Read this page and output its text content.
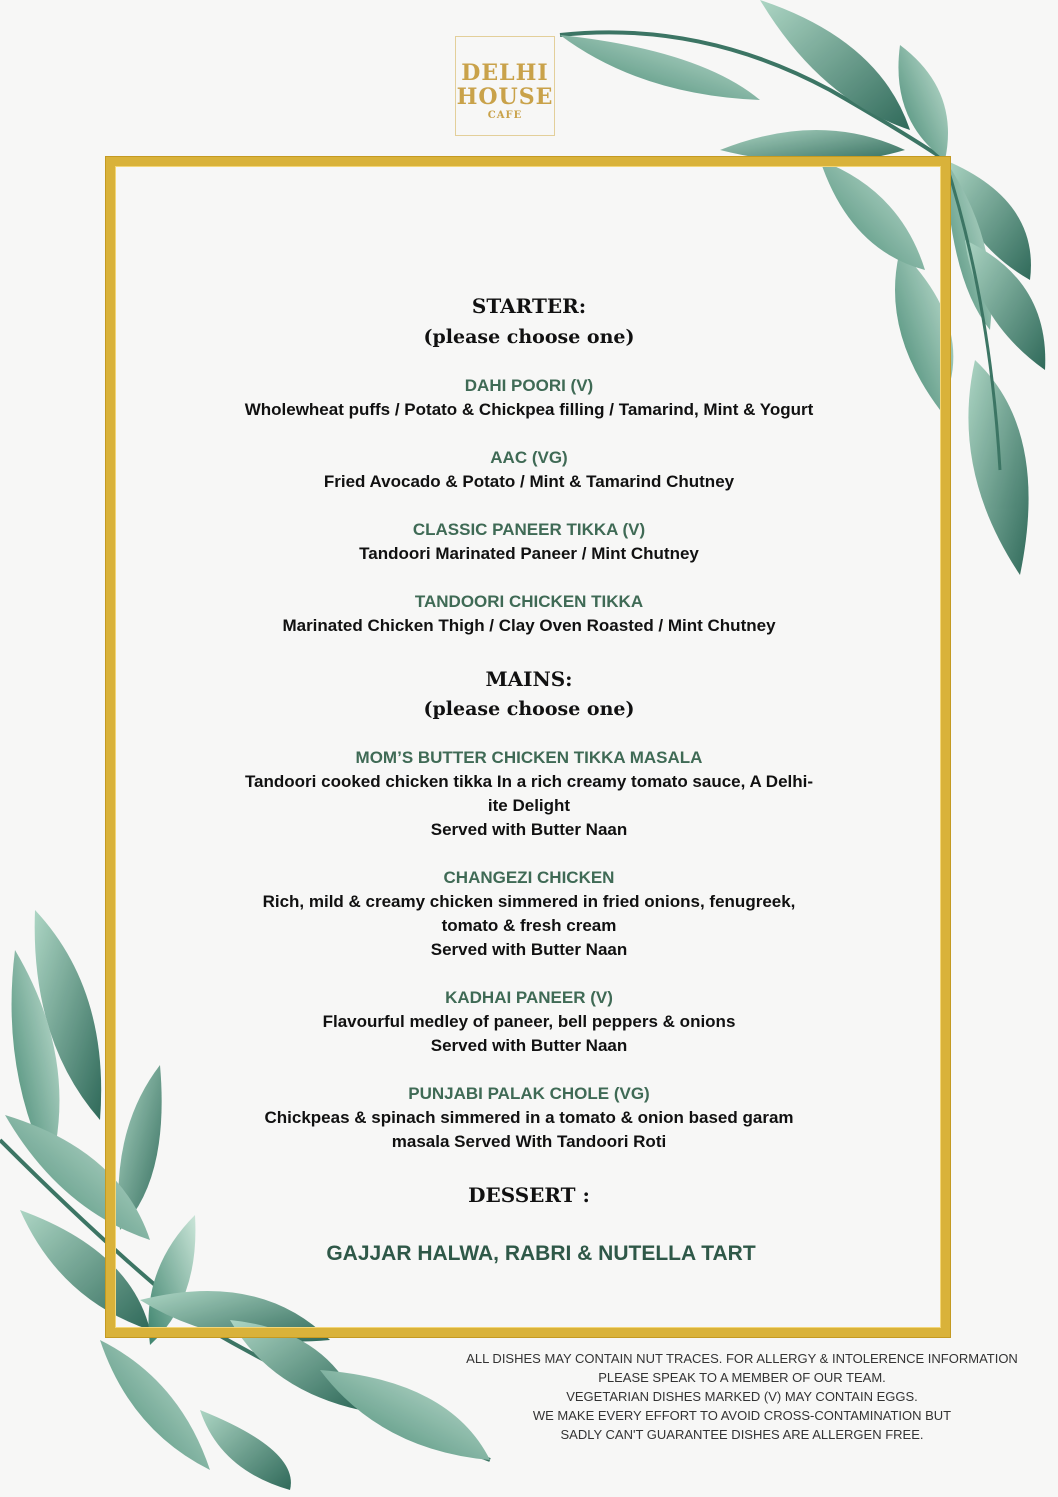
DELHI
HOUSE
CAFE
STARTER:
(please choose one)
DAHI POORI (V)
Wholewheat puffs / Potato & Chickpea filling / Tamarind, Mint & Yogurt
AAC (VG)
Fried Avocado & Potato / Mint & Tamarind Chutney
CLASSIC PANEER TIKKA (V)
Tandoori Marinated Paneer / Mint Chutney
TANDOORI CHICKEN TIKKA
Marinated Chicken Thigh / Clay Oven Roasted / Mint Chutney
MAINS:
(please choose one)
MOM’S BUTTER CHICKEN TIKKA MASALA
Tandoori cooked chicken tikka In a rich creamy tomato sauce, A Delhi-
ite Delight
Served with Butter Naan
CHANGEZI CHICKEN
Rich, mild & creamy chicken simmered in fried onions, fenugreek,
tomato & fresh cream
Served with Butter Naan
KADHAI PANEER (V)
Flavourful medley of paneer, bell peppers & onions
Served with Butter Naan
PUNJABI PALAK CHOLE (VG)
Chickpeas & spinach simmered in a tomato & onion based garam
masala Served With Tandoori Roti
DESSERT :
GAJJAR HALWA, RABRI & NUTELLA TART
ALL DISHES MAY CONTAIN NUT TRACES. FOR ALLERGY & INTOLERENCE INFORMATION
PLEASE SPEAK TO A MEMBER OF OUR TEAM.
VEGETARIAN DISHES MARKED (V) MAY CONTAIN EGGS.
WE MAKE EVERY EFFORT TO AVOID CROSS-CONTAMINATION BUT
SADLY CAN'T GUARANTEE DISHES ARE ALLERGEN FREE.
